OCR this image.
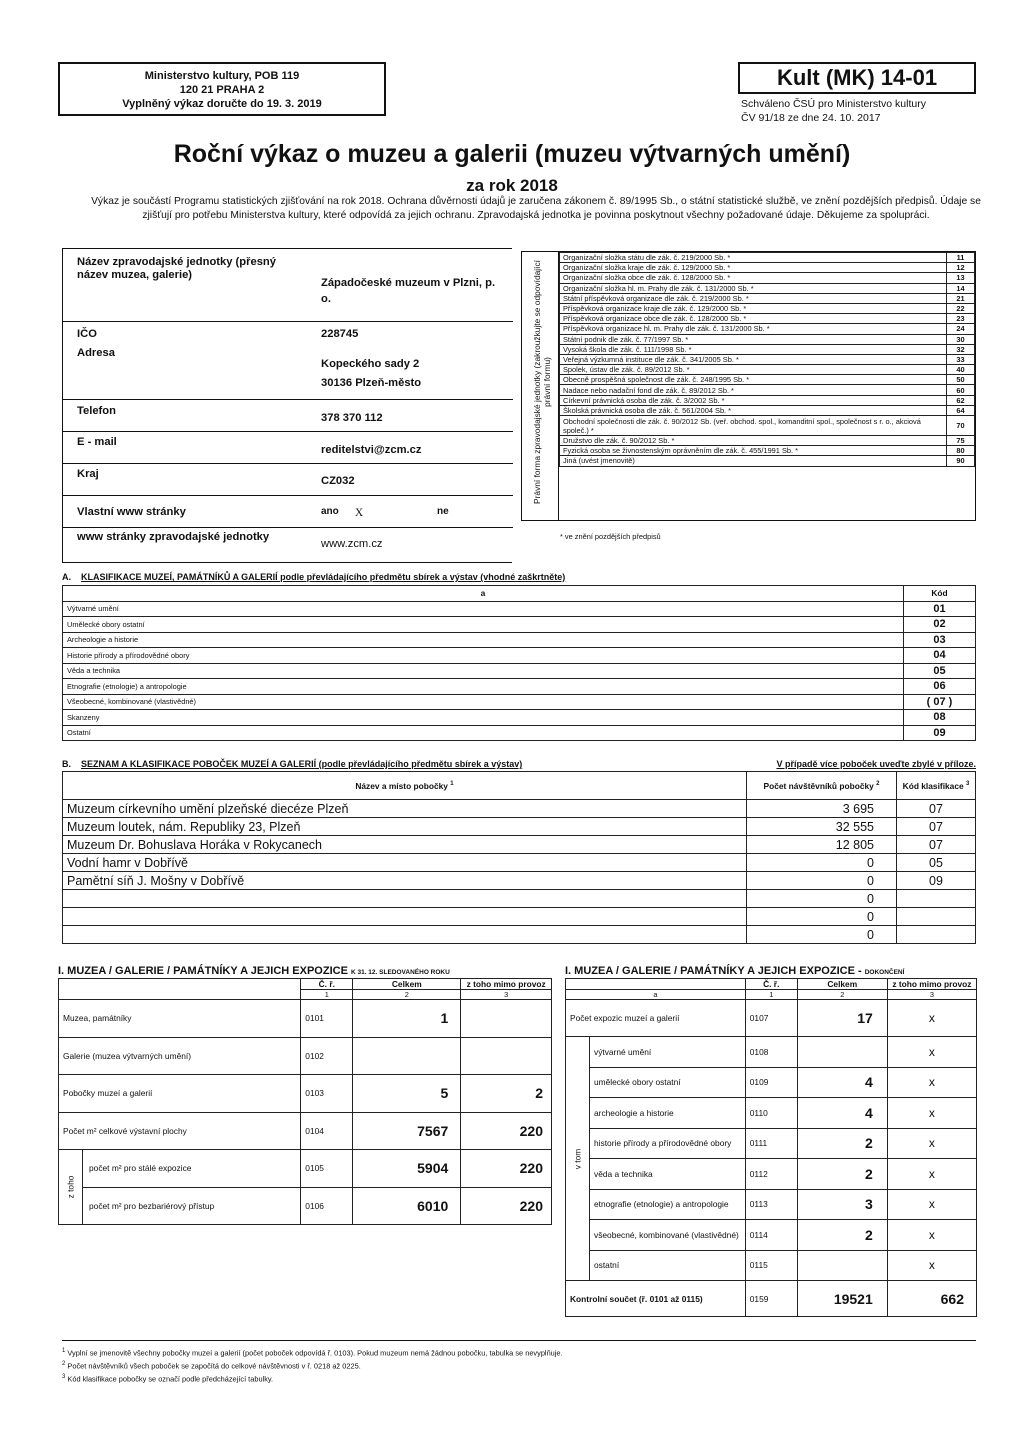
Ministerstvo kultury, POB 119
120 21 PRAHA 2
Vyplněný výkaz doručte do 19. 3. 2019
Kult (MK) 14-01
Schváleno ČSÚ pro Ministerstvo kultury
ČV 91/18 ze dne 24. 10. 2017
Roční výkaz o muzeu a galerii (muzeu výtvarných umění)
za rok 2018
Výkaz je součástí Programu statistických zjišťování na rok 2018. Ochrana důvěrnosti údajů je zaručena zákonem č. 89/1995 Sb., o státní statistické službě, ve znění pozdějších předpisů. Údaje se zjišťují pro potřebu Ministerstva kultury, které odpovídá za jejich ochranu. Zpravodajská jednotka je povinna poskytnout všechny požadované údaje. Děkujeme za spolupráci.
Název zpravodajské jednotky (přesný název muzea, galerie)
Západočeské muzeum v Plzni, p. o.
IČO	228745
Adresa
Kopeckého sady 2
30136 Plzeň-město
Telefon
378 370 112
E - mail
reditelstvi@zcm.cz
Kraj
CZ032
Vlastní www stránky	ano X	ne
www stránky zpravodajské jednotky
www.zcm.cz
Právní forma zpravodajské jednotky (zakroužkujte se odpovídající právní formu)
Organizační složka státu dle zák. č. 219/2000 Sb. *	11
Organizační složka kraje dle zák. č. 129/2000 Sb. *	12
Organizační složka obce dle zák. č. 128/2000 Sb. *	13
Organizační složka hl. m. Prahy dle zák. č. 131/2000 Sb. *	14
Státní příspěvková organizace dle zák. č. 219/2000 Sb. *	21
Příspěvková organizace kraje dle zák. č. 129/2000 Sb. *	22
Příspěvková organizace obce dle zák. č. 128/2000 Sb. *	23
Příspěvková organizace hl. m. Prahy dle zák. č. 131/2000 Sb. *	24
Státní podnik dle zák. č. 77/1997 Sb. *	30
Vysoká škola dle zák. č. 111/1998 Sb. *	32
Veřejná výzkumná instituce dle zák. č. 341/2005 Sb. *	33
Spolek, ústav dle zák. č. 89/2012 Sb. *	40
Obecně prospěšná společnost dle zák. č. 248/1995 Sb. *	50
Nadace nebo nadační fond dle zák. č. 89/2012 Sb. *	60
Církevní právnická osoba dle zák. č. 3/2002 Sb. *	62
Školská právnická osoba dle zák. č. 561/2004 Sb. *	64
Obchodní společnosti dle zák. č. 90/2012 Sb. (veř. obchod. spol., komanditní spol., společnost s r. o., akciová společ.) *	70
Družstvo dle zák. č. 90/2012 Sb. *	75
Fyzická osoba se živnostenským oprávněním dle zák. č. 455/1991 Sb. *	80
Jiná (uvést jmenovitě)	90
* ve znění pozdějších předpisů
A. KLASIFIKACE MUZEÍ, PAMÁTNÍKŮ A GALERIÍ podle převládajícího předmětu sbírek a výstav (vhodné zaškrtněte)
a	Kód
Výtvarné umění	01
Umělecké obory ostatní	02
Archeologie a historie	03
Historie přírody a přírodovědné obory	04
Věda a technika	05
Etnografie (etnologie) a antropologie	06
Všeobecné, kombinované (vlastivědné)	( 07 )
Skanzeny	08
Ostatní	09
B. SEZNAM A KLASIFIKACE POBOČEK MUZEÍ A GALERIÍ (podle převládajícího předmětu sbírek a výstav)	V případě více poboček uveďte zbylé v příloze.
Název a místo pobočky $^1$	Počet návštěvníků pobočky $^2$	Kód klasifikace $^3$
Muzeum církevního umění plzeňské diecéze Plzeň	3 695	07
Muzeum loutek, nám. Republiky 23, Plzeň	32 555	07
Muzeum Dr. Bohuslava Horáka v Rokycanech	12 805	07
Vodní hamr v Dobřívě	0	05
Pamětní síň J. Mošny v Dobřívě	0	09
	0	
	0	
	0	
I. MUZEA / GALERIE / PAMÁTNÍKY A JEJICH EXPOZICE K 31. 12. SLEDOVANÉHO ROKU
		Č. ř.	Celkem	z toho mimo provoz
		1	2	3
Muzea, památníky		0101	1	
Galerie (muzea výtvarných umění)		0102		
Pobočky muzeí a galerií		0103	5	2
Počet m² celkové výstavní plochy		0104	7567	220

z toho	počet m² pro stálé expozice	0105	5904	220
	počet m² pro bezbariérový přístup	0106	6010	220
I. MUZEA / GALERIE / PAMÁTNÍKY A JEJICH EXPOZICE - DOKONČENÍ
		Č. ř.	Celkem	z toho mimo provoz
a		1	2	3
Počet expozic muzeí a galerií		0107	17	x

v tom	výtvarné umění	0108		x
	umělecké obory ostatní	0109	4	x
	archeologie a historie	0110	4	x
	historie přírody a přírodovědné obory	0111	2	x
	věda a technika	0112	2	x
	etnografie (etnologie) a antropologie	0113	3	x
	všeobecné, kombinované (vlastivědné)	0114	2	x
	ostatní	0115		x
Kontrolní součet (ř. 0101 až 0115)		0159	19521	662
$^1$ Vyplní se jmenovitě všechny pobočky muzeí a galerií (počet poboček odpovídá ř. 0103). Pokud muzeum nemá žádnou pobočku, tabulka se nevyplňuje.
$^2$ Počet návštěvníků všech poboček se započítá do celkové návštěvnosti v ř. 0218 až 0225.
$^3$ Kód klasifikace pobočky se označí podle předcházející tabulky.
